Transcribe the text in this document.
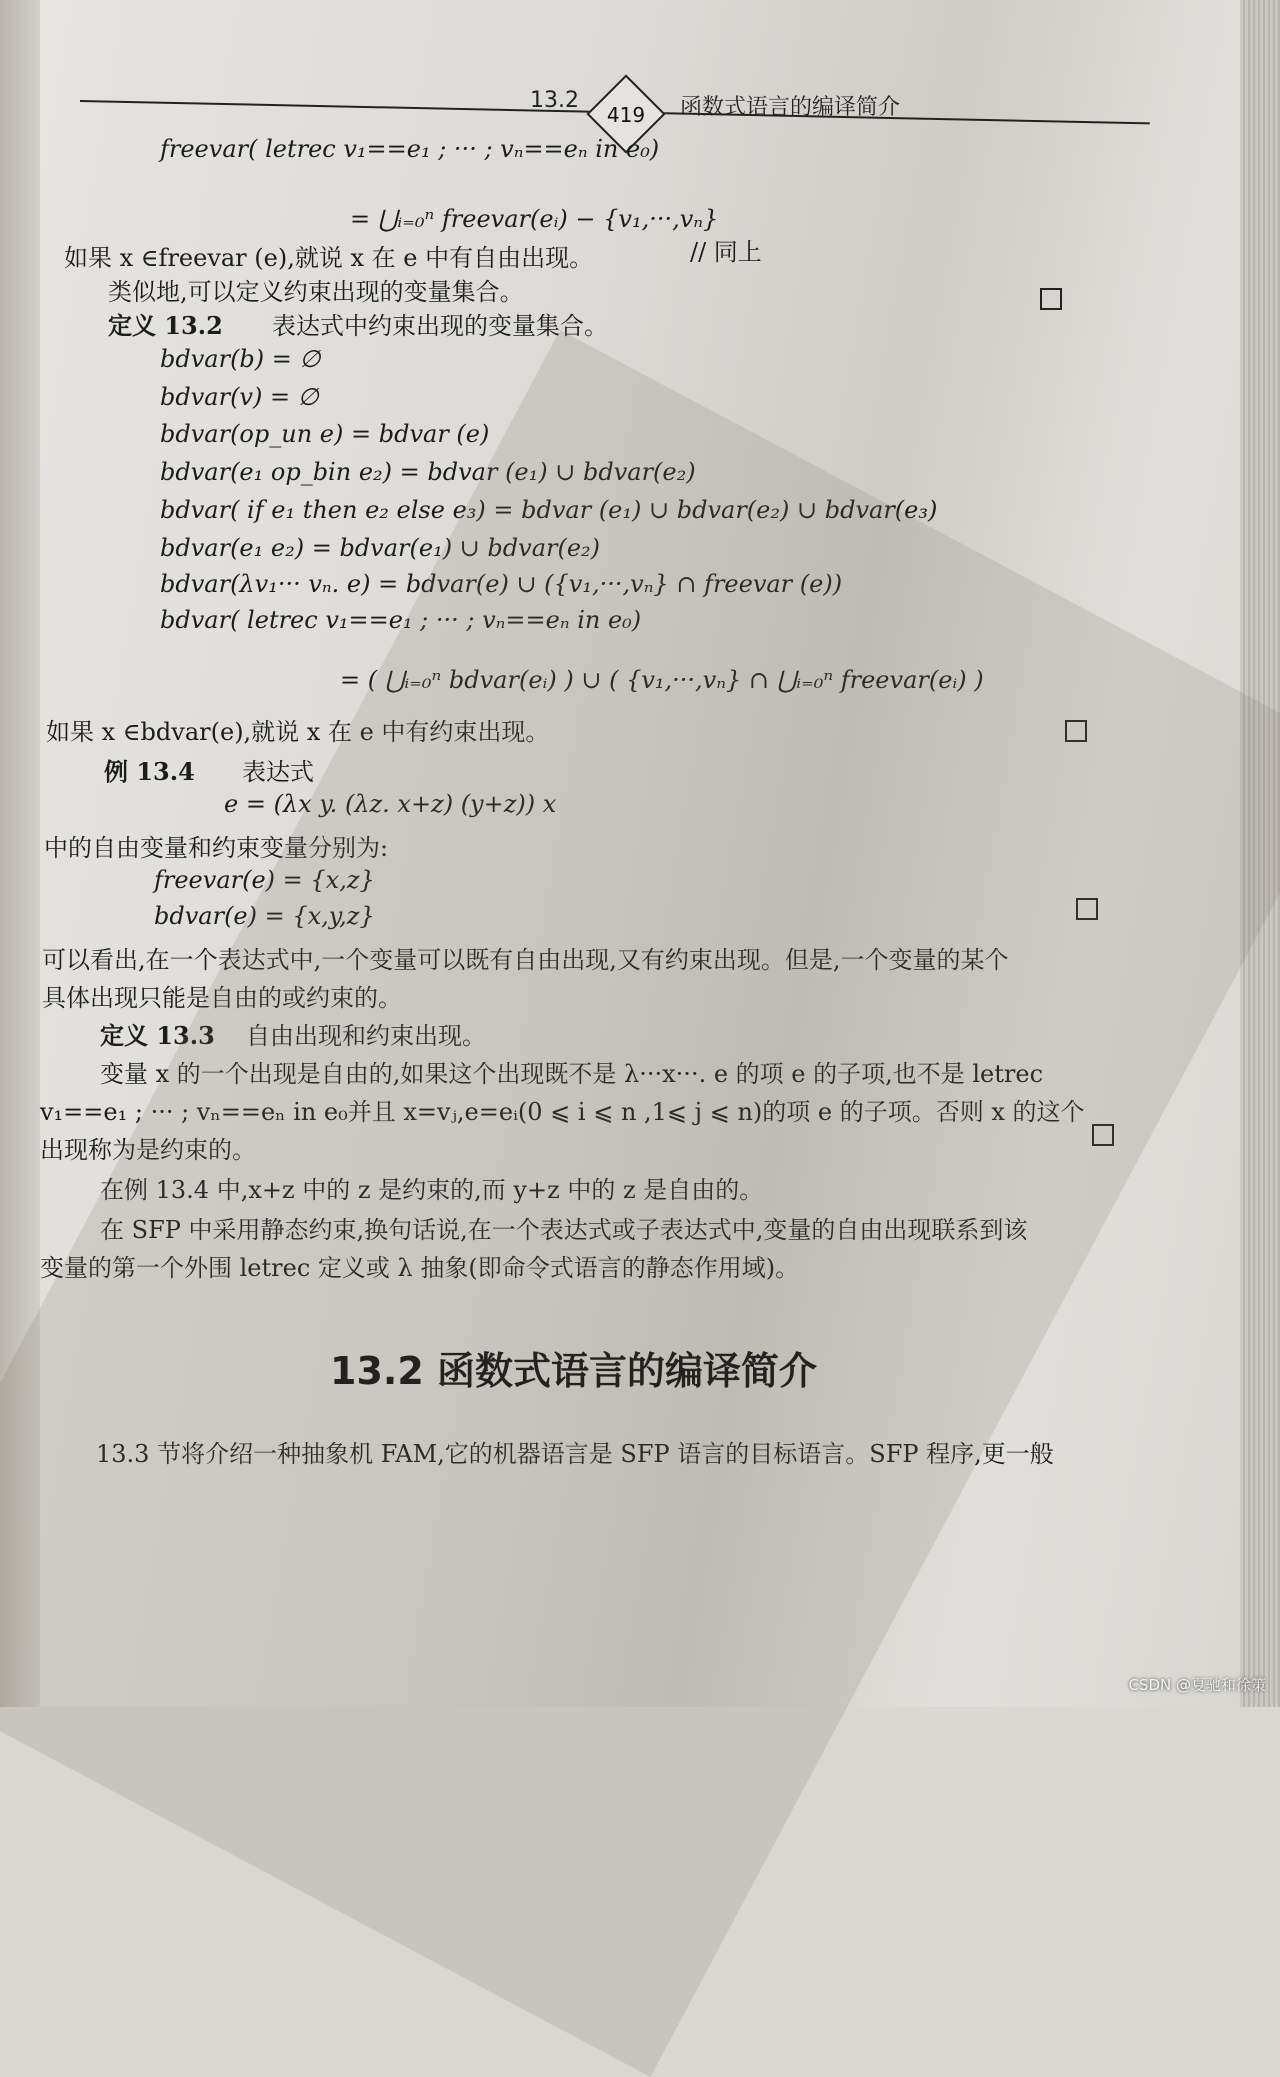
13.2
419 函数式语言的编译简介
freevar( letrec v₁==e₁ ; ··· ; vₙ==eₙ in e₀)
= ⋃ᵢ₌₀ⁿ freevar(eᵢ) − {v₁,···,vₙ}
// 同上
如果 x ∈freevar (e),就说 x 在 e 中有自由出现。
类似地,可以定义约束出现的变量集合。
定义 13.2 表达式中约束出现的变量集合。
bdvar(b) = ∅
bdvar(v) = ∅
bdvar(op_un e) = bdvar (e)
bdvar(e₁ op_bin e₂) = bdvar (e₁) ∪ bdvar(e₂)
bdvar( if e₁ then e₂ else e₃) = bdvar (e₁) ∪ bdvar(e₂) ∪ bdvar(e₃)
bdvar(e₁ e₂) = bdvar(e₁) ∪ bdvar(e₂)
bdvar(λv₁··· vₙ. e) = bdvar(e) ∪ ({v₁,···,vₙ} ∩ freevar (e))
bdvar( letrec v₁==e₁ ; ··· ; vₙ==eₙ in e₀)
= ( ⋃ᵢ₌₀ⁿ bdvar(eᵢ) ) ∪ ( {v₁,···,vₙ} ∩ ⋃ᵢ₌₀ⁿ freevar(eᵢ) )
如果 x ∈bdvar(e),就说 x 在 e 中有约束出现。
例 13.4 表达式
e = (λx y. (λz. x+z) (y+z)) x
中的自由变量和约束变量分别为:
freevar(e) = {x,z}
bdvar(e) = {x,y,z}
可以看出,在一个表达式中,一个变量可以既有自由出现,又有约束出现。但是,一个变量的某个
具体出现只能是自由的或约束的。
定义 13.3 自由出现和约束出现。
变量 x 的一个出现是自由的,如果这个出现既不是 λ···x···. e 的项 e 的子项,也不是 letrec
v₁==e₁ ; ··· ; vₙ==eₙ in e₀并且 x=vⱼ,e=eᵢ(0 ⩽ i ⩽ n ,1⩽ j ⩽ n)的项 e 的子项。否则 x 的这个
出现称为是约束的。
在例 13.4 中,x+z 中的 z 是约束的,而 y+z 中的 z 是自由的。
在 SFP 中采用静态约束,换句话说,在一个表达式或子表达式中,变量的自由出现联系到该
变量的第一个外围 letrec 定义或 λ 抽象(即命令式语言的静态作用域)。
13.2 函数式语言的编译简介
13.3 节将介绍一种抽象机 FAM,它的机器语言是 SFP 语言的目标语言。SFP 程序,更一般
CSDN @夏驰和徐策
